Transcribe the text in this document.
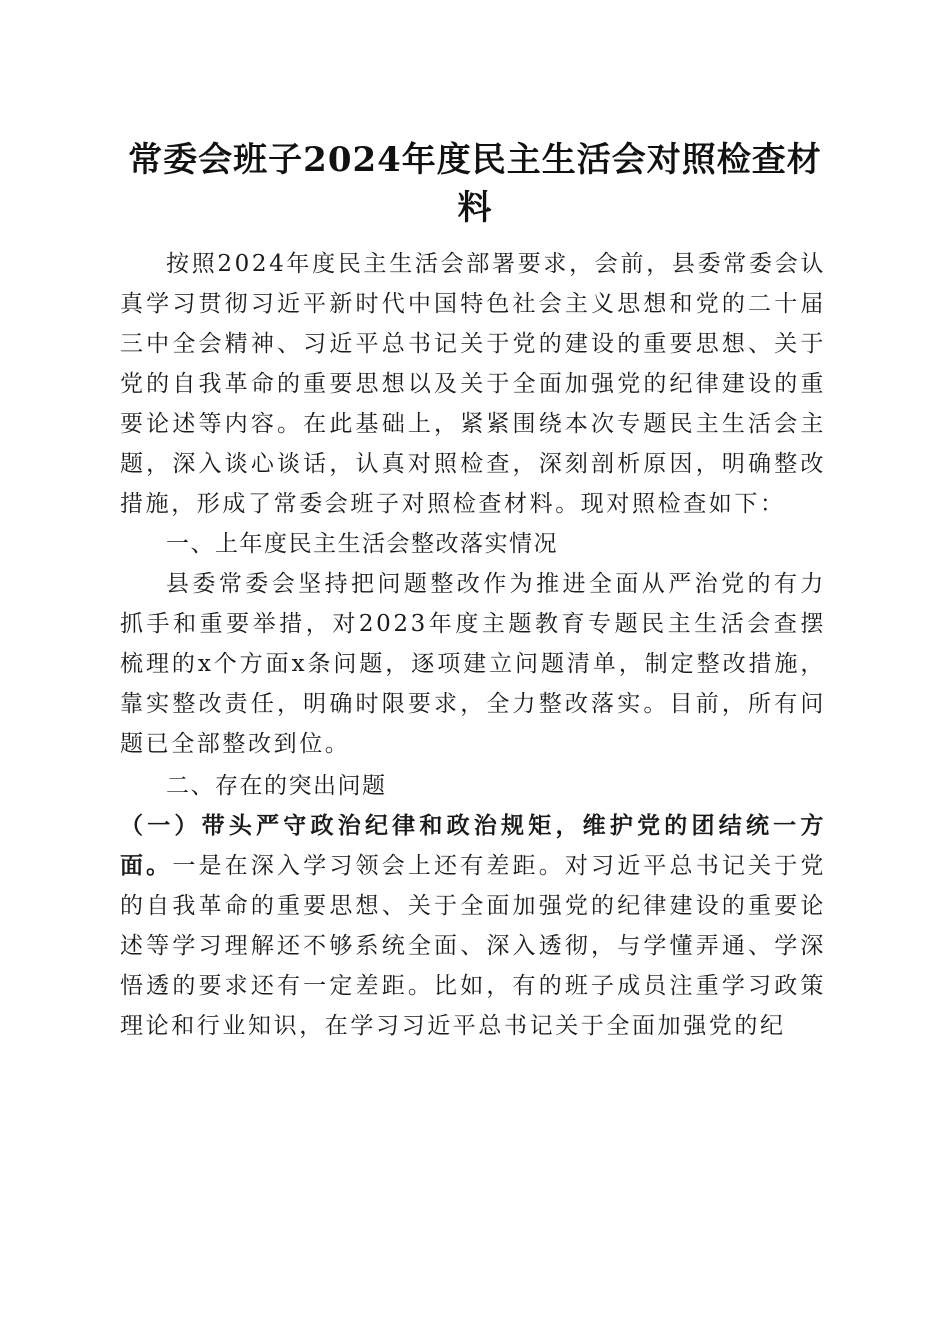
常委会班子2024年度民主生活会对照检查材料

按照2024年度民主生活会部署要求，会前，县委常委会认真学习贯彻习近平新时代中国特色社会主义思想和党的二十届三中全会精神、习近平总书记关于党的建设的重要思想、关于党的自我革命的重要思想以及关于全面加强党的纪律建设的重要论述等内容。在此基础上，紧紧围绕本次专题民主生活会主题，深入谈心谈话，认真对照检查，深刻剖析原因，明确整改措施，形成了常委会班子对照检查材料。现对照检查如下：

一、上年度民主生活会整改落实情况

县委常委会坚持把问题整改作为推进全面从严治党的有力抓手和重要举措，对2023年度主题教育专题民主生活会查摆梳理的x个方面x条问题，逐项建立问题清单，制定整改措施，靠实整改责任，明确时限要求，全力整改落实。目前，所有问题已全部整改到位。

二、存在的突出问题

（一）带头严守政治纪律和政治规矩，维护党的团结统一方面。一是在深入学习领会上还有差距。对习近平总书记关于党的自我革命的重要思想、关于全面加强党的纪律建设的重要论述等学习理解还不够系统全面、深入透彻，与学懂弄通、学深悟透的要求还有一定差距。比如，有的班子成员注重学习政策理论和行业知识，在学习习近平总书记关于全面加强党的纪
